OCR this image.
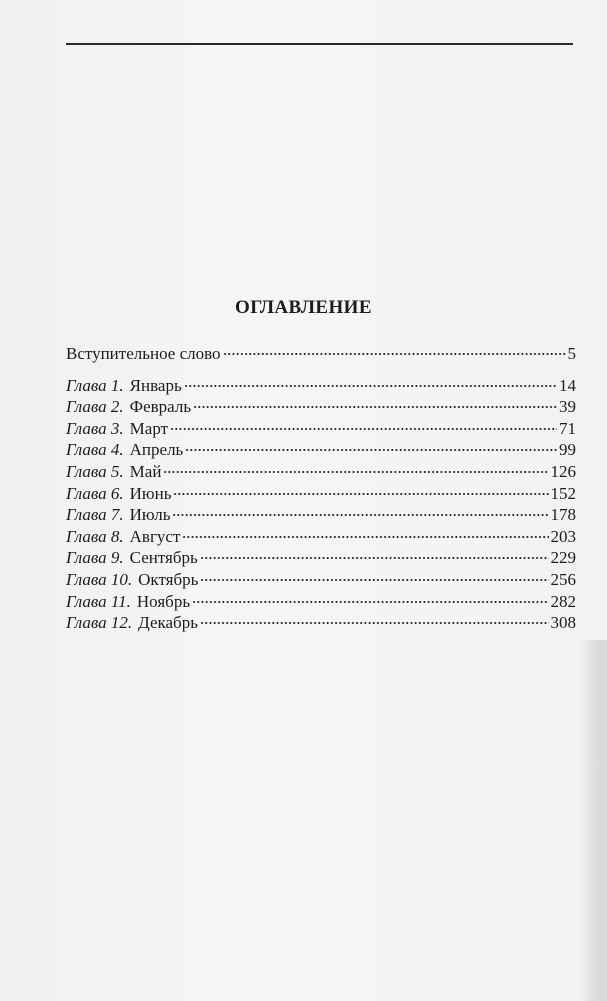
ОГЛАВЛЕНИЕ
Вступительное слово	5
Глава 1. Январь	14
Глава 2. Февраль	39
Глава 3. Март	71
Глава 4. Апрель	99
Глава 5. Май	126
Глава 6. Июнь	152
Глава 7. Июль	178
Глава 8. Август	203
Глава 9. Сентябрь	229
Глава 10. Октябрь	256
Глава 11. Ноябрь	282
Глава 12. Декабрь	308
